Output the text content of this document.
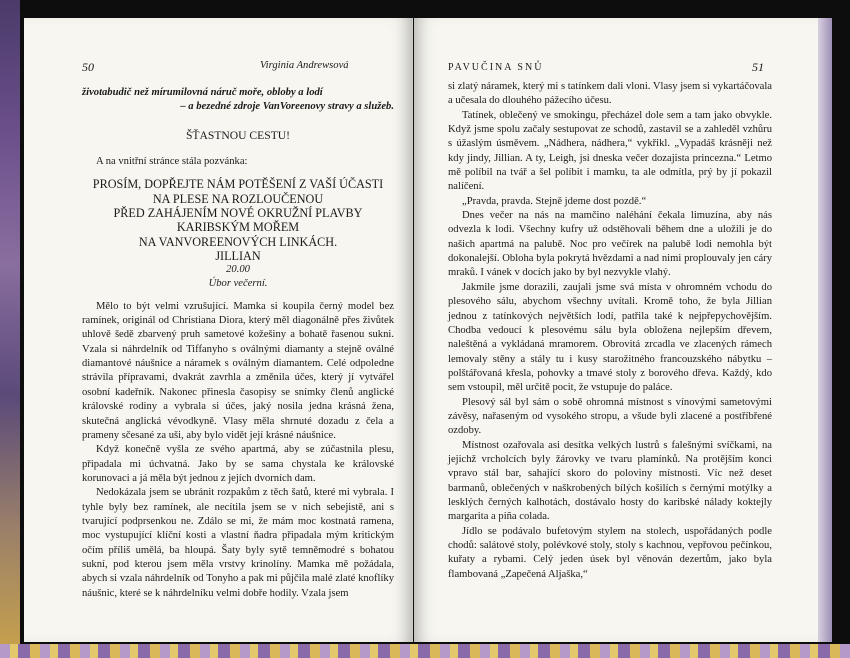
50	Virginia Andrewsová

životabudič než mírumilovná náruč moře, obloby a lodí

– a bezedné zdroje VanVoreenovy stravy a služeb.

ŠŤASTNOU CESTU!

A na vnitřní stránce stála pozvánka:

PROSÍM, DOPŘEJTE NÁM POTĚŠENÍ Z VAŠÍ ÚČASTI
NA PLESE NA ROZLOUČENOU
PŘED ZAHÁJENÍM NOVÉ OKRUŽNÍ PLAVBY
KARIBSKÝM MOŘEM
NA VANVOREENOVÝCH LINKÁCH.
JILLIAN
20.00
Úbor večerní.

Mělo to být velmi vzrušující. Mamka si koupila černý model bez ramínek, originál od Christiana Diora, který měl diagonálně přes živůtek uhlově šedě zbarvený pruh sametové kožešiny a bohatě řasenou sukni. Vzala si náhrdelník od Tiffanyho s oválnými diamanty a stejně oválné diamantové náušnice a náramek s oválným diamantem. Celé odpoledne strávila přípravami, dvakrát zavrhla a změnila účes, který jí vytvářel osobní kadeřník. Nakonec přinesla časopisy se snímky členů anglické královské rodiny a vybrala si účes, jaký nosila jedna krásná žena, skutečná anglická vévodkyně. Vlasy měla shrnuté dozadu z čela a prameny sčesané za uši, aby bylo vidět její krásné náušnice.

Když konečně vyšla ze svého apartmá, aby se zúčastnila plesu, připadala mi úchvatná. Jako by se sama chystala ke královské korunovaci a já měla být jednou z jejích dvorních dam.

Nedokázala jsem se ubránit rozpakům z těch šatů, které mi vybrala. I tyhle byly bez ramínek, ale necítila jsem se v nich sebejistě, ani s tvarující podprsenkou ne. Zdálo se mi, že mám moc kostnatá ramena, moc vystupující klíční kosti a vlastní ňadra připadala mým kritickým očím příliš umělá, ba hloupá. Šaty byly sytě temněmodré s bohatou sukní, pod kterou jsem měla vrstvy krinolíny. Mamka mě požádala, abych si vzala náhrdelník od Tonyho a pak mi půjčila malé zlaté knoflíky náušnic, které se k náhrdelníku velmi dobře hodily. Vzala jsem

PAVUČINA SNŮ	51

si zlatý náramek, který mi s tatínkem dali vloni. Vlasy jsem si vykartáčovala a učesala do dlouhého pážecího účesu.

Tatínek, oblečený ve smokingu, přecházel dole sem a tam jako obvykle. Když jsme spolu začaly sestupovat ze schodů, zastavil se a zahleděl vzhůru s úžaslým úsměvem. „Nádhera, nádhera,“ vykřikl. „Vypadáš krásněji než kdy jindy, Jillian. A ty, Leigh, jsi dneska večer dozajista princezna.“ Letmo mě políbil na tvář a šel políbit i mamku, ta ale odmítla, prý by jí pokazil nalíčení.

„Pravda, pravda. Stejně jdeme dost pozdě.“

Dnes večer na nás na mamčino naléhání čekala limuzína, aby nás odvezla k lodi. Všechny kufry už odstěhovali během dne a uložili je do našich apartmá na palubě. Noc pro večírek na palubě lodi nemohla být dokonalejší. Obloha byla pokrytá hvězdami a nad nimi proplouvaly jen cáry mraků. I vánek v docích jako by byl nezvykle vlahý.

Jakmile jsme dorazili, zaujali jsme svá místa v ohromném vchodu do plesového sálu, abychom všechny uvítali. Kromě toho, že byla Jillian jednou z tatínkových největších lodí, patřila také k nejpřepychovějším. Chodba vedoucí k plesovému sálu byla obložena nejlepším dřevem, naleštěná a vykládaná mramorem. Obrovitá zrcadla ve zlacených rámech lemovaly stěny a stály tu i kusy starožitného francouzského nábytku – polštářovaná křesla, pohovky a tmavé stoly z borového dřeva. Každý, kdo sem vstoupil, měl určitě pocit, že vstupuje do paláce.

Plesový sál byl sám o sobě ohromná místnost s vínovými sametovými závěsy, nařaseným od vysokého stropu, a všude byli zlacené a postříbřené ozdoby.

Místnost ozařovala asi desítka velkých lustrů s falešnými svíčkami, na jejichž vrcholcích byly žárovky ve tvaru plamínků. Na protějším konci vpravo stál bar, sahající skoro do poloviny místnosti. Víc než deset barmanů, oblečených v naškrobených bílých košilích s černými motýlky a lesklých černých kalhotách, dostávalo hosty do karibské nálady koktejly margarita a piña colada.

Jídlo se podávalo bufetovým stylem na stolech, uspořádaných podle chodů: salátové stoly, polévkové stoly, stoly s kachnou, vepřovou pečínkou, kuřaty a rybami. Celý jeden úsek byl věnován dezertům, jako byla flambovaná „Zapečená Aljaška,“
